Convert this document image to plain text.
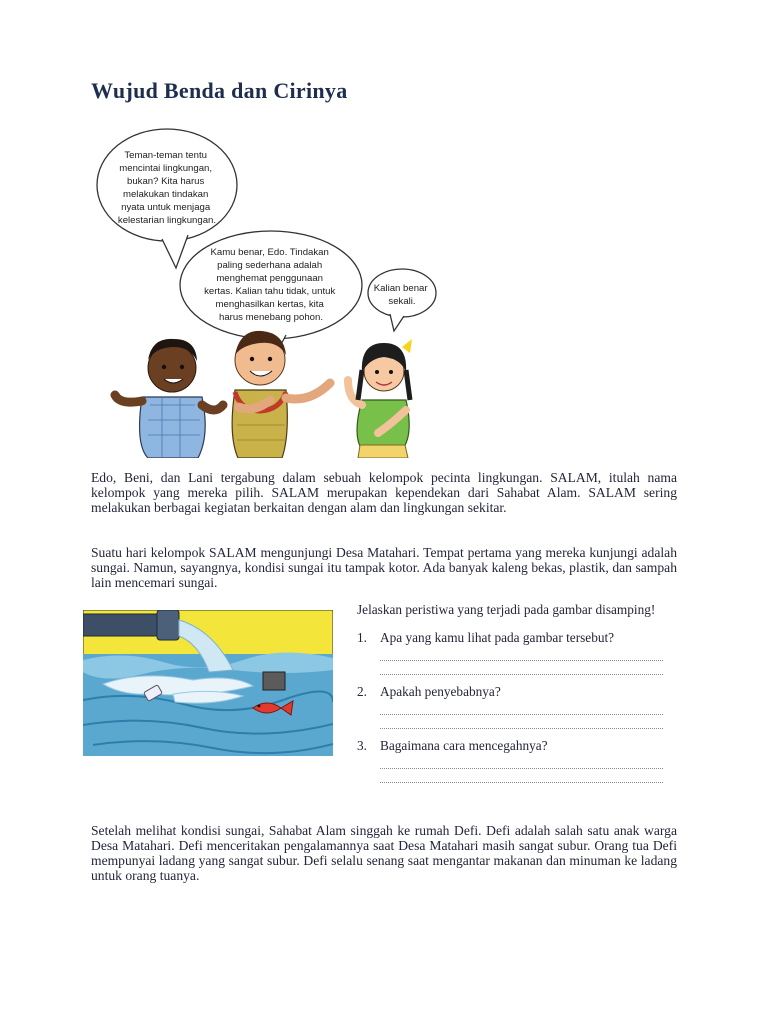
Wujud Benda dan Cirinya
Teman-teman tentu mencintai lingkungan, bukan? Kita harus melakukan tindakan nyata untuk menjaga kelestarian lingkungan.
Kamu benar, Edo. Tindakan paling sederhana adalah menghemat penggunaan kertas. Kalian tahu tidak, untuk menghasilkan kertas, kita harus menebang pohon.
Kalian benar sekali.

Edo, Beni, dan Lani tergabung dalam sebuah kelompok pecinta lingkungan. SALAM, itulah nama kelompok yang mereka pilih. SALAM merupakan kependekan dari Sahabat Alam. SALAM sering melakukan berbagai kegiatan berkaitan dengan alam dan lingkungan sekitar.

Suatu hari kelompok SALAM mengunjungi Desa Matahari. Tempat pertama yang mereka kunjungi adalah sungai. Namun, sayangnya, kondisi sungai itu tampak kotor. Ada banyak kaleng bekas, plastik, dan sampah lain mencemari sungai.

Jelaskan peristiwa yang terjadi pada gambar disamping!

1. Apa yang kamu lihat pada gambar tersebut?
2. Apakah penyebabnya?
3. Bagaimana cara mencegahnya?

Setelah melihat kondisi sungai, Sahabat Alam singgah ke rumah Defi. Defi adalah salah satu anak warga Desa Matahari. Defi menceritakan pengalamannya saat Desa Matahari masih sangat subur. Orang tua Defi mempunyai ladang yang sangat subur. Defi selalu senang saat mengantar makanan dan minuman ke ladang untuk orang tuanya.
